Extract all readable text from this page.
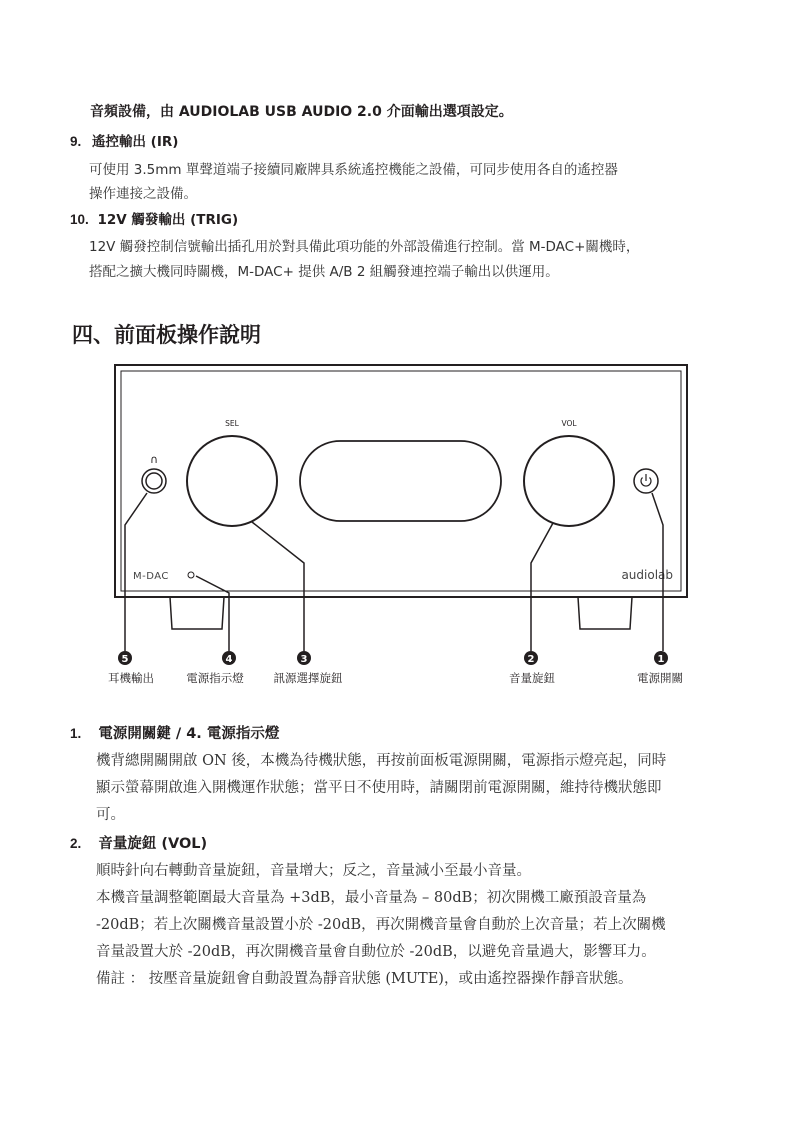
音頻設備，由 AUDIOLAB USB AUDIO 2.0 介面輸出選項設定。
9. 遙控輸出 (IR)
可使用 3.5mm 單聲道端子接續同廠牌具系統遙控機能之設備，可同步使用各自的遙控器
操作連接之設備。
10. 12V 觸發輸出 (TRIG)
12V 觸發控制信號輸出插孔用於對具備此項功能的外部設備進行控制。當 M-DAC+關機時，
搭配之擴大機同時關機，M-DAC+ 提供 A/B 2 組觸發連控端子輸出以供運用。
四、前面板操作說明
∩
SEL	VOL
M-DAC	audiolab
5	4	3	2	1
耳機輸出	電源指示燈	訊源選擇旋鈕	音量旋鈕	電源開關
1. 電源開關鍵 / 4. 電源指示燈
機背總開關開啟 ON 後，本機為待機狀態，再按前面板電源開關，電源指示燈亮起，同時
顯示螢幕開啟進入開機運作狀態；當平日不使用時，請關閉前電源開關，維持待機狀態即
可。
2. 音量旋鈕 (VOL)
順時針向右轉動音量旋鈕，音量增大；反之，音量減小至最小音量。
本機音量調整範圍最大音量為 +3dB，最小音量為 – 80dB；初次開機工廠預設音量為
-20dB；若上次關機音量設置小於 -20dB，再次開機音量會自動於上次音量；若上次關機
音量設置大於 -20dB，再次開機音量會自動位於 -20dB，以避免音量過大，影響耳力。
備註 ： 按壓音量旋鈕會自動設置為靜音狀態 (MUTE)，或由遙控器操作靜音狀態。
